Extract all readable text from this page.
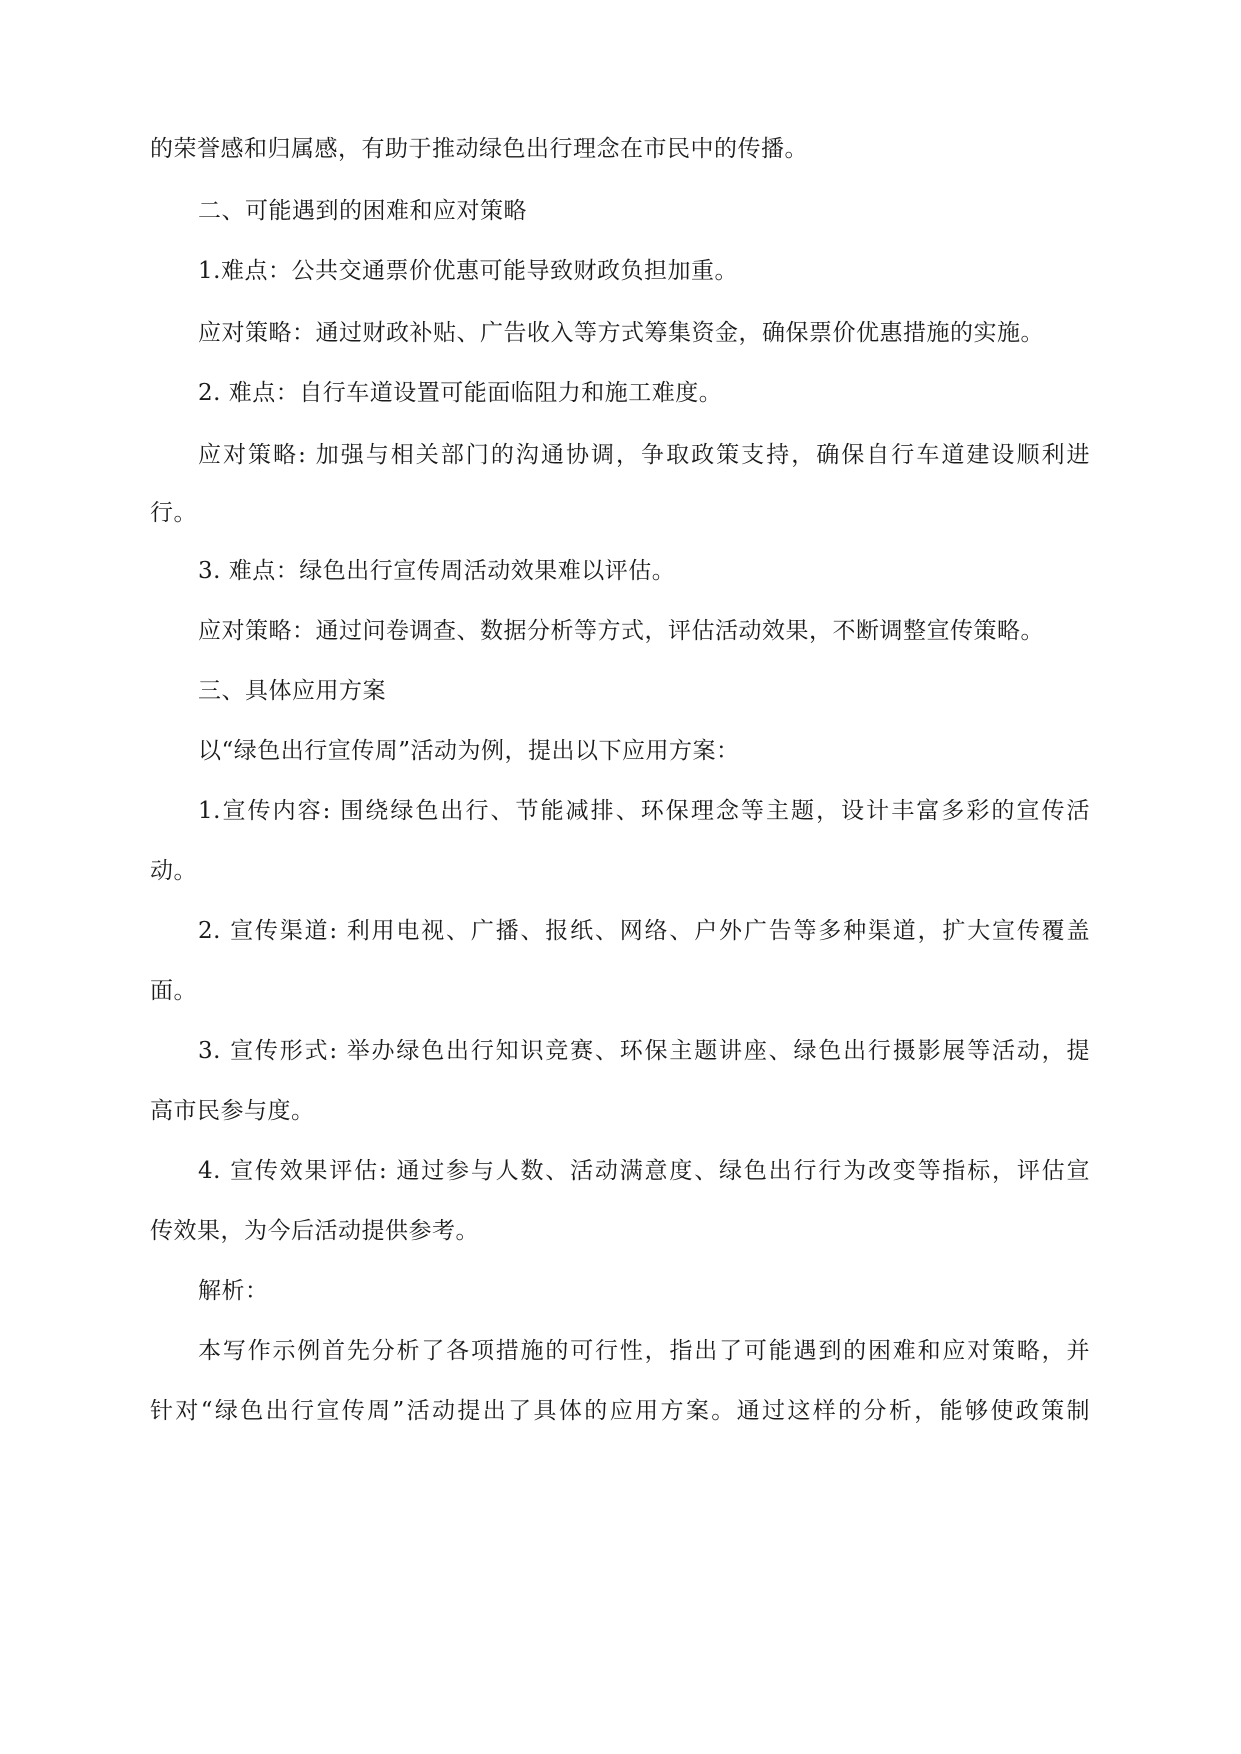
的荣誉感和归属感，有助于推动绿色出行理念在市民中的传播。
二、可能遇到的困难和应对策略
1.难点：公共交通票价优惠可能导致财政负担加重。
应对策略：通过财政补贴、广告收入等方式筹集资金，确保票价优惠措施的实施。
2. 难点：自行车道设置可能面临阻力和施工难度。
应对策略: 加强与相关部门的沟通协调，争取政策支持，确保自行车道建设顺利进
行。
3. 难点：绿色出行宣传周活动效果难以评估。
应对策略：通过问卷调查、数据分析等方式，评估活动效果，不断调整宣传策略。
三、具体应用方案
以“绿色出行宣传周”活动为例，提出以下应用方案：
1.宣传内容: 围绕绿色出行、节能减排、环保理念等主题，设计丰富多彩的宣传活
动。
2. 宣传渠道: 利用电视、广播、报纸、网络、户外广告等多种渠道，扩大宣传覆盖
面。
3. 宣传形式: 举办绿色出行知识竞赛、环保主题讲座、绿色出行摄影展等活动，提
高市民参与度。
4. 宣传效果评估: 通过参与人数、活动满意度、绿色出行行为改变等指标，评估宣
传效果，为今后活动提供参考。
解析：
本写作示例首先分析了各项措施的可行性，指出了可能遇到的困难和应对策略，并
针对“绿色出行宣传周”活动提出了具体的应用方案。通过这样的分析，能够使政策制
